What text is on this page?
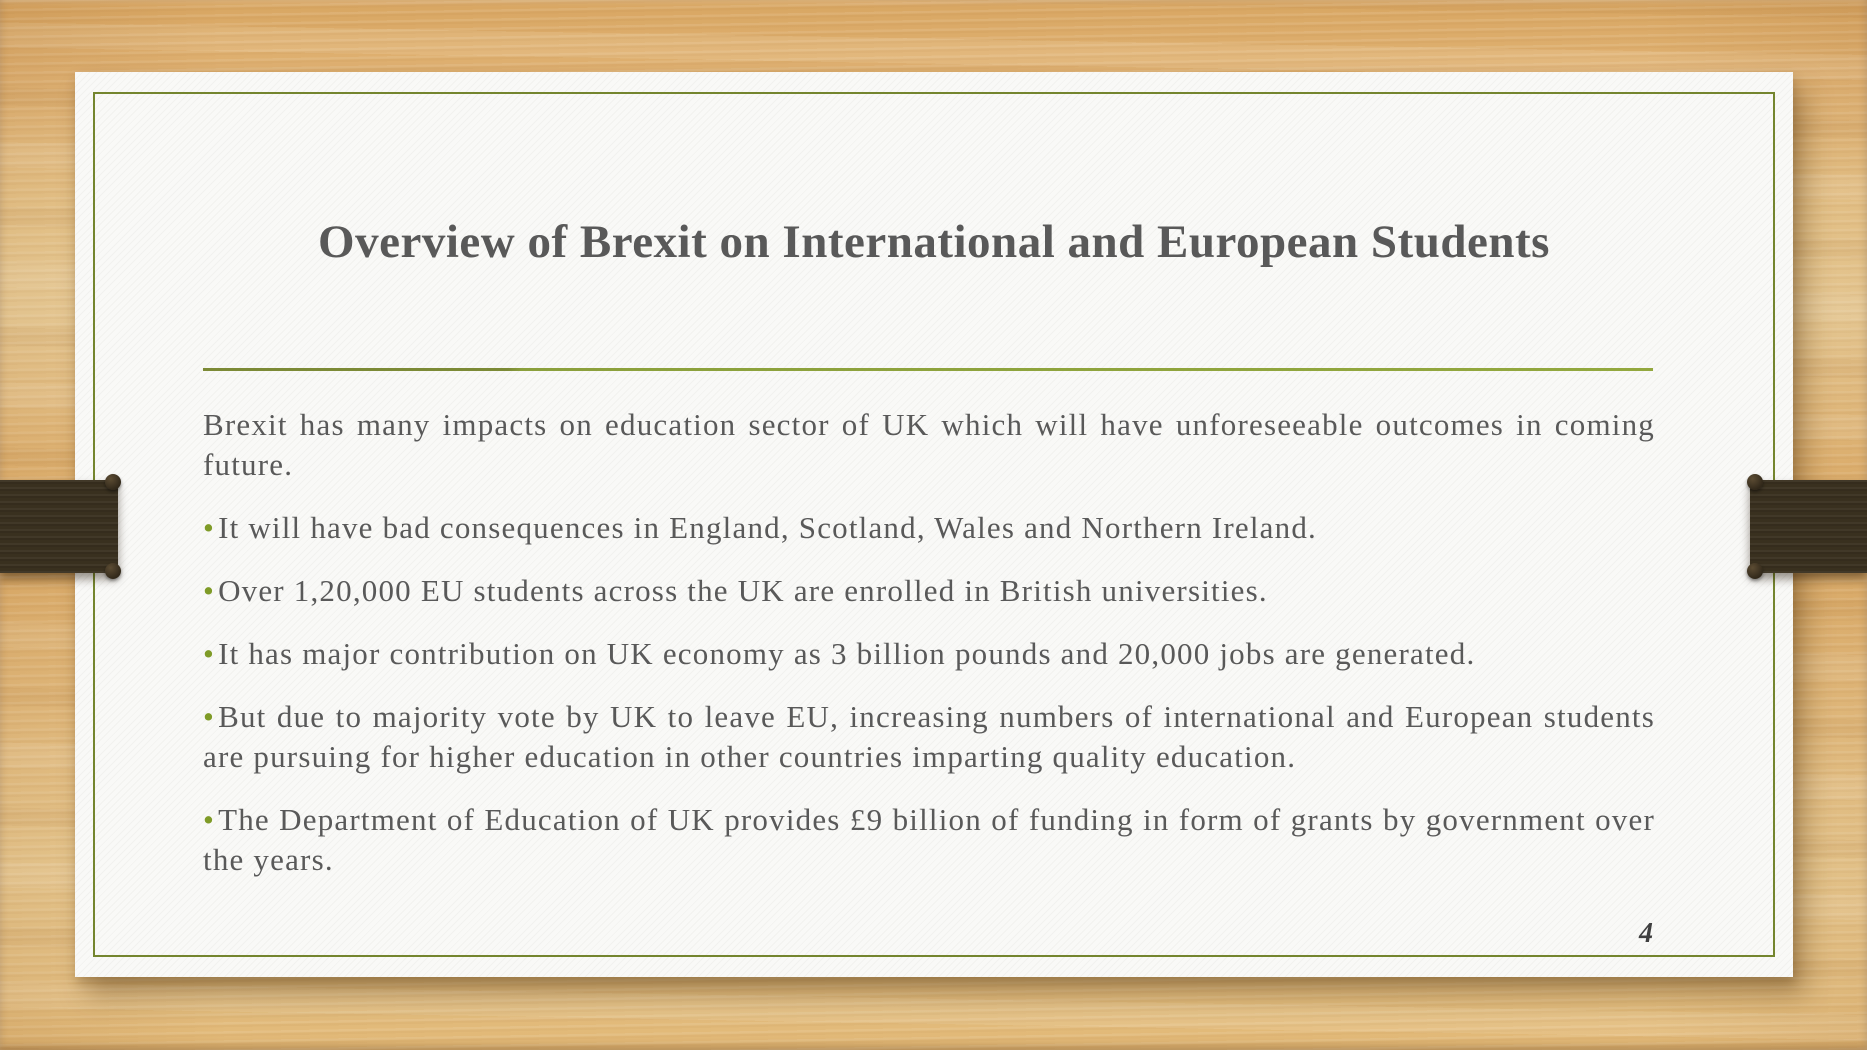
Overview of Brexit on International and European Students

Brexit has many impacts on education sector of UK which will have unforeseeable outcomes in coming future.

•It will have bad consequences in England, Scotland, Wales and Northern Ireland.

•Over 1,20,000 EU students across the UK are enrolled in British universities.

•It has major contribution on UK economy as 3 billion pounds and 20,000 jobs are generated.

•But due to majority vote by UK to leave EU, increasing numbers of international and European students are pursuing for higher education in other countries imparting quality education.

•The Department of Education of UK provides £9 billion of funding in form of grants by government over the years.

4
